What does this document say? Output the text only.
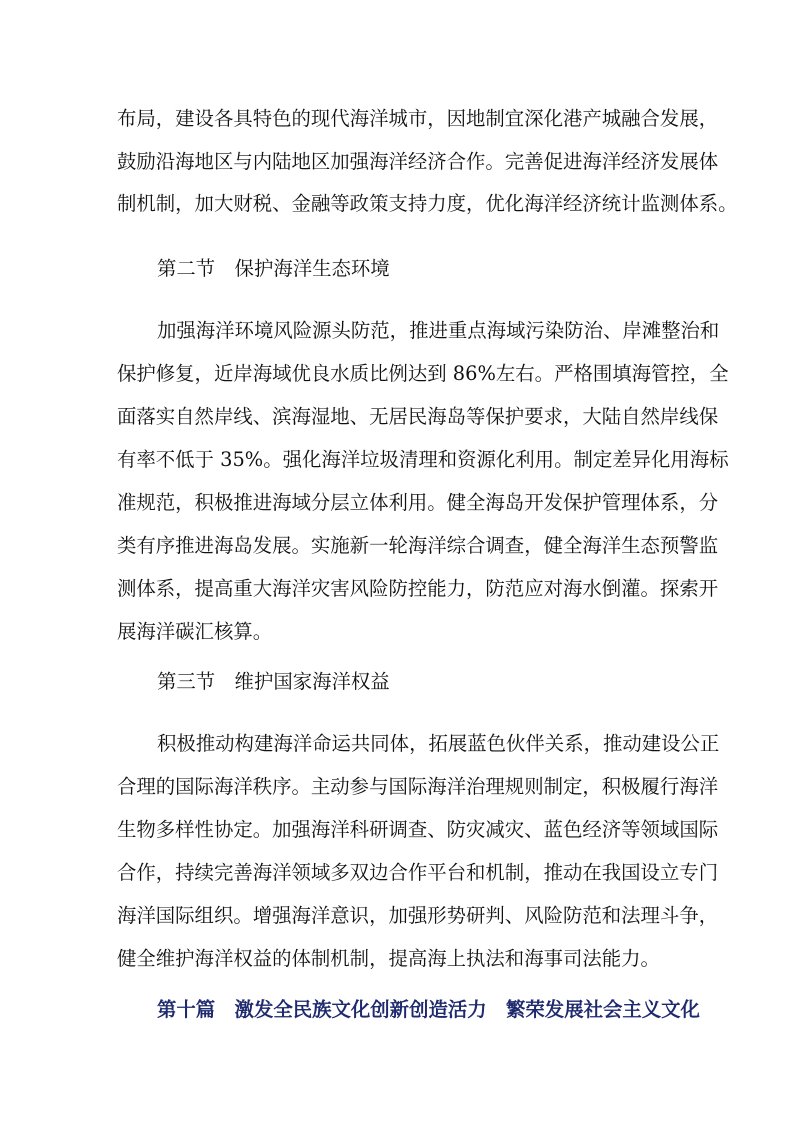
布局，建设各具特色的现代海洋城市，因地制宜深化港产城融合发展，
鼓励沿海地区与内陆地区加强海洋经济合作。完善促进海洋经济发展体
制机制，加大财税、金融等政策支持力度，优化海洋经济统计监测体系。
第二节　保护海洋生态环境
加强海洋环境风险源头防范，推进重点海域污染防治、岸滩整治和
保护修复，近岸海域优良水质比例达到 86%左右。严格围填海管控，全
面落实自然岸线、滨海湿地、无居民海岛等保护要求，大陆自然岸线保
有率不低于 35%。强化海洋垃圾清理和资源化利用。制定差异化用海标
准规范，积极推进海域分层立体利用。健全海岛开发保护管理体系，分
类有序推进海岛发展。实施新一轮海洋综合调查，健全海洋生态预警监
测体系，提高重大海洋灾害风险防控能力，防范应对海水倒灌。探索开
展海洋碳汇核算。
第三节　维护国家海洋权益
积极推动构建海洋命运共同体，拓展蓝色伙伴关系，推动建设公正
合理的国际海洋秩序。主动参与国际海洋治理规则制定，积极履行海洋
生物多样性协定。加强海洋科研调查、防灾减灾、蓝色经济等领域国际
合作，持续完善海洋领域多双边合作平台和机制，推动在我国设立专门
海洋国际组织。增强海洋意识，加强形势研判、风险防范和法理斗争，
健全维护海洋权益的体制机制，提高海上执法和海事司法能力。
第十篇　激发全民族文化创新创造活力　繁荣发展社会主义文化
